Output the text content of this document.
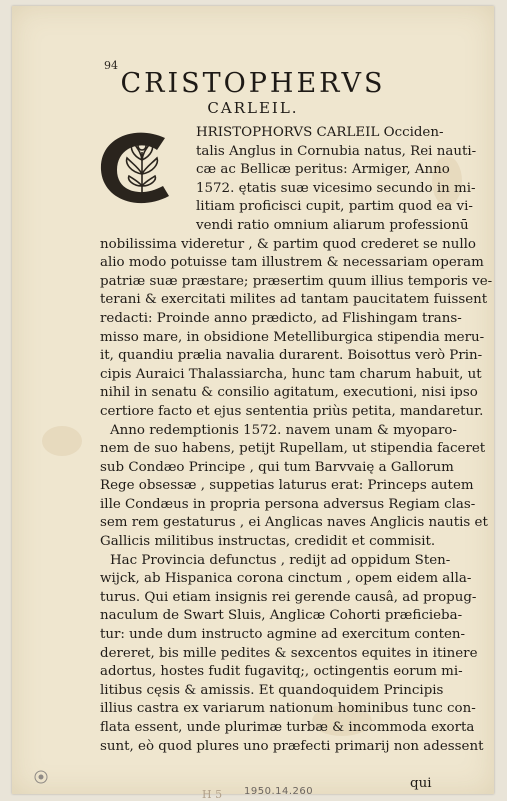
94
CRISTOPHERVS
CARLEIL.
HRISTOPHORVS CARLEIL Occiden-
talis Anglus in Cornubia natus, Rei nauti-
cæ ac Bellicæ peritus: Armiger, Anno
1572. ętatis suæ vicesimo secundo in mi-
litiam proficisci cupit, partim quod ea vi-
vendi ratio omnium aliarum professionū
nobilissima videretur , & partim quod crederet se nullo
alio modo potuisse tam illustrem & necessariam operam
patriæ suæ præstare; præsertim quum illius temporis ve-
terani & exercitati milites ad tantam paucitatem fuissent
redacti: Proinde anno prædicto, ad Flishingam trans-
misso mare, in obsidione Metelliburgica stipendia meru-
it, quandiu prælia navalia durarent. Boisottus verò Prin-
cipis Auraici Thalassiarcha, hunc tam charum habuit, ut
nihil in senatu & consilio agitatum, executioni, nisi ipso
certiore facto et ejus sententia priùs petita, mandaretur.
Anno redemptionis 1572. navem unam & myoparo-
nem de suo habens, petijt Rupellam, ut stipendia faceret
sub Condæo Principe , qui tum Barvvaię a Gallorum
Rege obsessæ , suppetias laturus erat: Princeps autem
ille Condæus in propria persona adversus Regiam clas-
sem rem gestaturus , ei Anglicas naves Anglicis nautis et
Gallicis militibus instructas, credidit et commisit.
Hac Provincia defunctus , redijt ad oppidum Sten-
wijck, ab Hispanica corona cinctum , opem eidem alla-
turus. Qui etiam insignis rei gerende causâ, ad propug-
naculum de Swart Sluis, Anglicæ Cohorti præficieba-
tur: unde dum instructo agmine ad exercitum conten-
dereret, bis mille pedites & sexcentos equites in itinere
adortus, hostes fudit fugavitq;, octingentis eorum mi-
litibus cęsis & amissis. Et quandoquidem Principis
illius castra ex variarum nationum hominibus tunc con-
flata essent, unde plurimæ turbæ & incommoda exorta
sunt, eò quod plures uno præfecti primarij non adessent
qui
H 5 1950.14.260
